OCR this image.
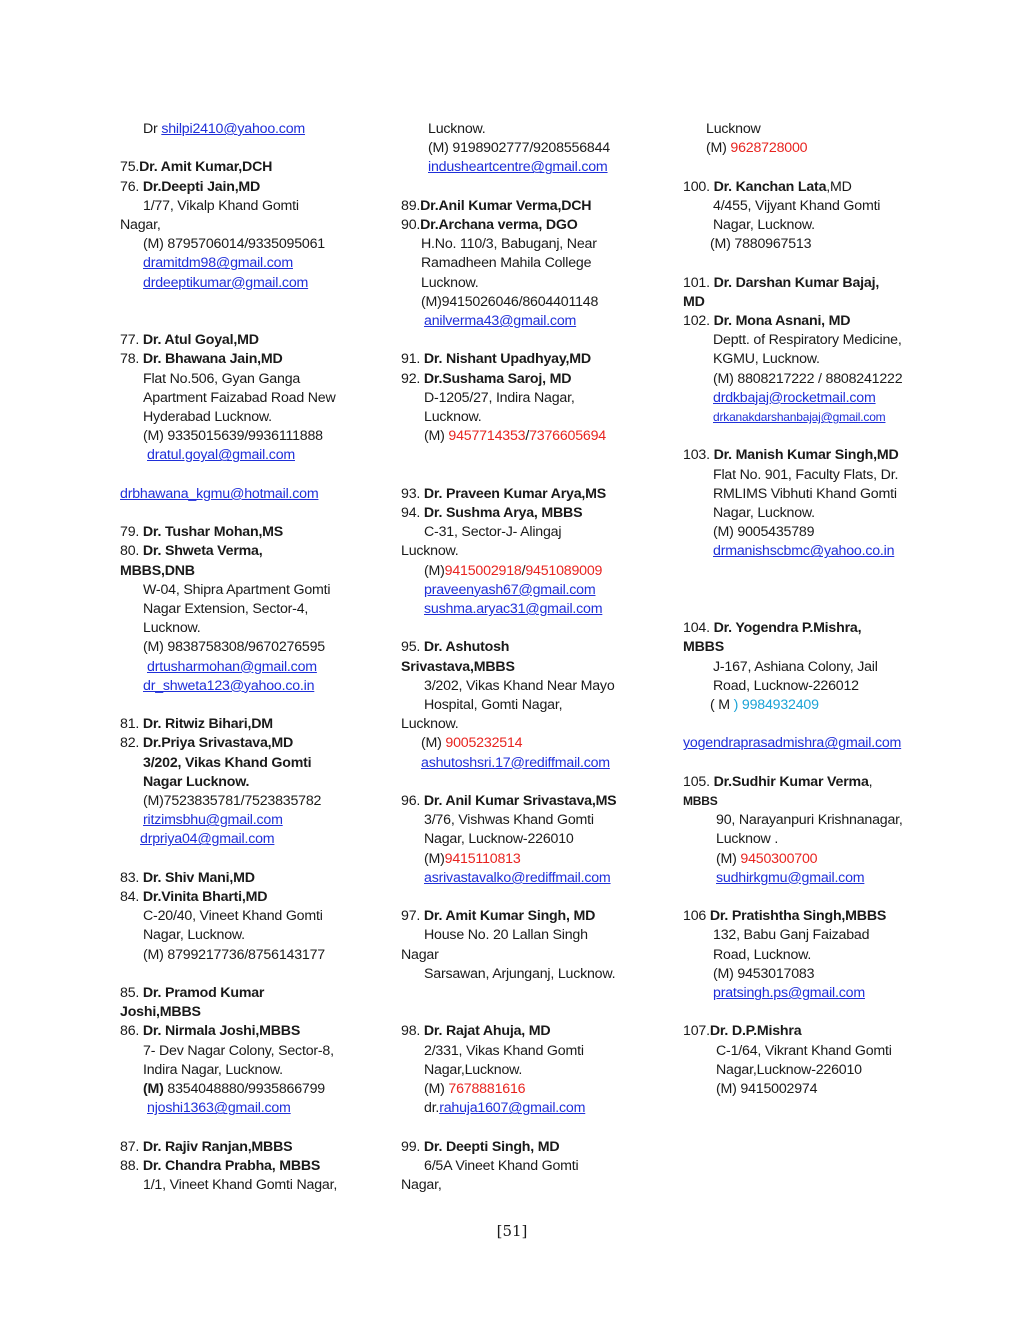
Dr shilpi2410@yahoo.com
75.Dr. Amit Kumar,DCH
76. Dr.Deepti Jain,MD
1/77, Vikalp Khand Gomti
Nagar,
(M) 8795706014/9335095061
dramitdm98@gmail.com
drdeeptikumar@gmail.com
77. Dr. Atul Goyal,MD
78. Dr. Bhawana Jain,MD
Flat No.506, Gyan Ganga
Apartment Faizabad Road New
Hyderabad Lucknow.
(M) 9335015639/9936111888
dratul.goyal@gmail.com
drbhawana_kgmu@hotmail.com
79. Dr. Tushar Mohan,MS
80. Dr. Shweta Verma,
MBBS,DNB
W-04, Shipra Apartment Gomti
Nagar Extension, Sector-4,
Lucknow.
(M) 9838758308/9670276595
drtusharmohan@gmail.com
dr_shweta123@yahoo.co.in
81. Dr. Ritwiz Bihari,DM
82. Dr.Priya Srivastava,MD
3/202, Vikas Khand Gomti
Nagar Lucknow.
(M)7523835781/7523835782
ritzimsbhu@gmail.com
drpriya04@gmail.com
83. Dr. Shiv Mani,MD
84. Dr.Vinita Bharti,MD
C-20/40, Vineet Khand Gomti
Nagar, Lucknow.
(M) 8799217736/8756143177
85. Dr. Pramod Kumar
Joshi,MBBS
86. Dr. Nirmala Joshi,MBBS
7- Dev Nagar Colony, Sector-8,
Indira Nagar, Lucknow.
(M) 8354048880/9935866799
njoshi1363@gmail.com
87. Dr. Rajiv Ranjan,MBBS
88. Dr. Chandra Prabha, MBBS
1/1, Vineet Khand Gomti Nagar,
Lucknow.
(M) 9198902777/9208556844
indusheartcentre@gmail.com
89.Dr.Anil Kumar Verma,DCH
90.Dr.Archana verma, DGO
H.No. 110/3, Babuganj, Near
Ramadheen Mahila College
Lucknow.
(M)9415026046/8604401148
anilverma43@gmail.com
91. Dr. Nishant Upadhyay,MD
92. Dr.Sushama Saroj, MD
D-1205/27, Indira Nagar,
Lucknow.
(M) 9457714353/7376605694
93. Dr. Praveen Kumar Arya,MS
94. Dr. Sushma Arya, MBBS
C-31, Sector-J- Alingaj
Lucknow.
(M)9415002918/9451089009
praveenyash67@gmail.com
sushma.aryac31@gmail.com
95. Dr. Ashutosh
Srivastava,MBBS
3/202, Vikas Khand Near Mayo
Hospital, Gomti Nagar,
Lucknow.
(M) 9005232514
ashutoshsri.17@rediffmail.com
96. Dr. Anil Kumar Srivastava,MS
3/76, Vishwas Khand Gomti
Nagar, Lucknow-226010
(M)9415110813
asrivastavalko@rediffmail.com
97. Dr. Amit Kumar Singh, MD
House No. 20 Lallan Singh
Nagar
Sarsawan, Arjunganj, Lucknow.
98. Dr. Rajat Ahuja, MD
2/331, Vikas Khand Gomti
Nagar,Lucknow.
(M) 7678881616
dr.rahuja1607@gmail.com
99. Dr. Deepti Singh, MD
6/5A Vineet Khand Gomti
Nagar,
Lucknow
(M) 9628728000
100. Dr. Kanchan Lata,MD
4/455, Vijyant Khand Gomti
Nagar, Lucknow.
(M) 7880967513
101. Dr. Darshan Kumar Bajaj,
MD
102. Dr. Mona Asnani, MD
Deptt. of Respiratory Medicine,
KGMU, Lucknow.
(M) 8808217222 / 8808241222
drdkbajaj@rocketmail.com
drkanakdarshanbajaj@gmail.com
103. Dr. Manish Kumar Singh,MD
Flat No. 901, Faculty Flats, Dr.
RMLIMS Vibhuti Khand Gomti
Nagar, Lucknow.
(M) 9005435789
drmanishscbmc@yahoo.co.in
104. Dr. Yogendra P.Mishra,
MBBS
J-167, Ashiana Colony, Jail
Road, Lucknow-226012
( M ) 9984932409
yogendraprasadmishra@gmail.com
105. Dr.Sudhir Kumar Verma,
MBBS
90, Narayanpuri Krishnanagar,
Lucknow .
(M) 9450300700
sudhirkgmu@gmail.com
106 Dr. Pratishtha Singh,MBBS
132, Babu Ganj Faizabad
Road, Lucknow.
(M) 9453017083
pratsingh.ps@gmail.com
107.Dr. D.P.Mishra
C-1/64, Vikrant Khand Gomti
Nagar,Lucknow-226010
(M) 9415002974
[51]
